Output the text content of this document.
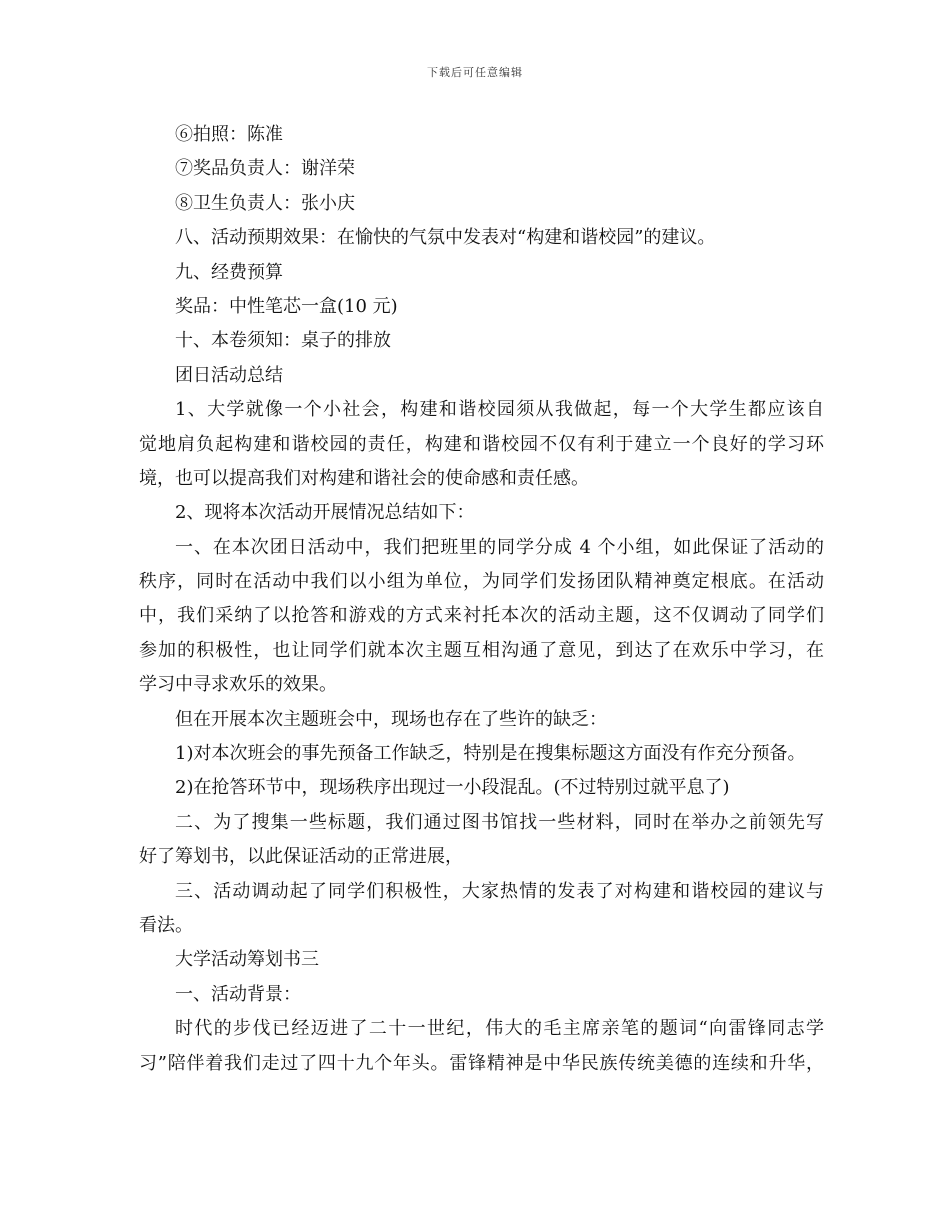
下载后可任意编辑
⑥拍照：陈准
⑦奖品负责人：谢洋荣
⑧卫生负责人：张小庆
八、活动预期效果：在愉快的气氛中发表对“构建和谐校园”的建议。
九、经费预算
奖品：中性笔芯一盒(10 元)
十、本卷须知：桌子的排放
团日活动总结
1、大学就像一个小社会，构建和谐校园须从我做起，每一个大学生都应该自
觉地肩负起构建和谐校园的责任，构建和谐校园不仅有利于建立一个良好的学习环
境，也可以提高我们对构建和谐社会的使命感和责任感。
2、现将本次活动开展情况总结如下：
一、在本次团日活动中，我们把班里的同学分成 4 个小组，如此保证了活动的
秩序，同时在活动中我们以小组为单位，为同学们发扬团队精神奠定根底。在活动
中，我们采纳了以抢答和游戏的方式来衬托本次的活动主题，这不仅调动了同学们
参加的积极性，也让同学们就本次主题互相沟通了意见，到达了在欢乐中学习，在
学习中寻求欢乐的效果。
但在开展本次主题班会中，现场也存在了些许的缺乏：
1)对本次班会的事先预备工作缺乏，特别是在搜集标题这方面没有作充分预备。
2)在抢答环节中，现场秩序出现过一小段混乱。(不过特别过就平息了)
二、为了搜集一些标题，我们通过图书馆找一些材料，同时在举办之前领先写
好了筹划书，以此保证活动的正常进展，
三、活动调动起了同学们积极性，大家热情的发表了对构建和谐校园的建议与
看法。
大学活动筹划书三
一、活动背景：
时代的步伐已经迈进了二十一世纪，伟大的毛主席亲笔的题词“向雷锋同志学
习”陪伴着我们走过了四十九个年头。雷锋精神是中华民族传统美德的连续和升华，
